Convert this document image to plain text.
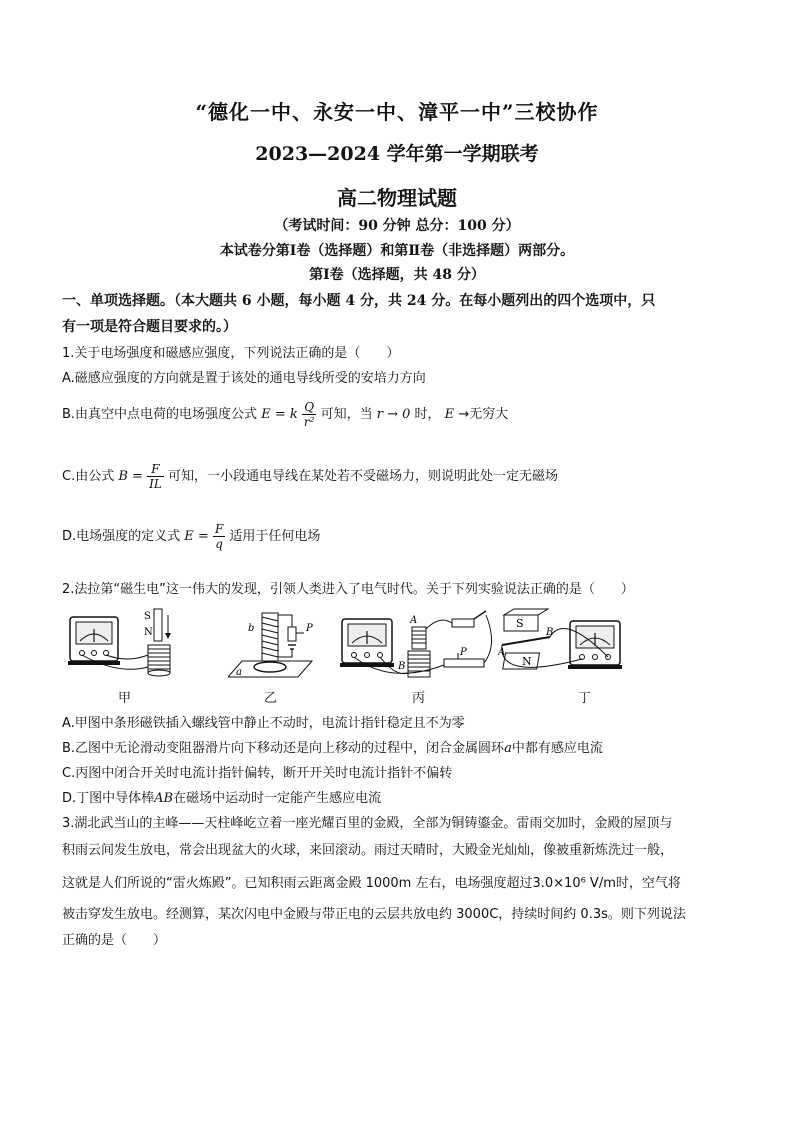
“德化一中、永安一中、漳平一中”三校协作
2023—2024 学年第一学期联考
高二物理试题
（考试时间：90 分钟 总分：100 分）
本试卷分第Ⅰ卷（选择题）和第Ⅱ卷（非选择题）两部分。
第Ⅰ卷（选择题，共 48 分）
一、单项选择题。（本大题共 6 小题，每小题 4 分，共 24 分。在每小题列出的四个选项中，只
有一项是符合题目要求的。）
1.关于电场强度和磁感应强度，下列说法正确的是（　　）
A.磁感应强度的方向就是置于该处的通电导线所受的安培力方向
B.由真空中点电荷的电场强度公式 E = k $\frac{Q}{\text{r²}}$ 可知，当 r → 0 时， E →无穷大
C.由公式 $B = \frac{F}{IL}$ 可知，一小段通电导线在某处若不受磁场力，则说明此处一定无磁场
D.电场强度的定义式 $E = \frac{F}{q}$ 适用于任何电场
2.法拉第“磁生电”这一伟大的发现，引领人类进入了电气时代。关于下列实验说法正确的是（　　）
S
N
a
b	P
A
B
P
S
N
A
B
甲	乙	丙	丁
A.甲图中条形磁铁插入螺线管中静止不动时，电流计指针稳定且不为零
B.乙图中无论滑动变阻器滑片向下移动还是向上移动的过程中，闭合金属圆环a中都有感应电流
C.丙图中闭合开关时电流计指针偏转，断开开关时电流计指针不偏转
D.丁图中导体棒AB在磁场中运动时一定能产生感应电流
3.湖北武当山的主峰——天柱峰屹立着一座光耀百里的金殿，全部为铜铸鎏金。雷雨交加时，金殿的屋顶与
积雨云间发生放电，常会出现盆大的火球，来回滚动。雨过天晴时，大殿金光灿灿，像被重新炼洗过一般，
这就是人们所说的“雷火炼殿”。已知积雨云距离金殿 1000m 左右，电场强度超过3.0×10⁶ V/m时，空气将
被击穿发生放电。经测算，某次闪电中金殿与带正电的云层共放电约 3000C，持续时间约 0.3s。则下列说法
正确的是（　　）
